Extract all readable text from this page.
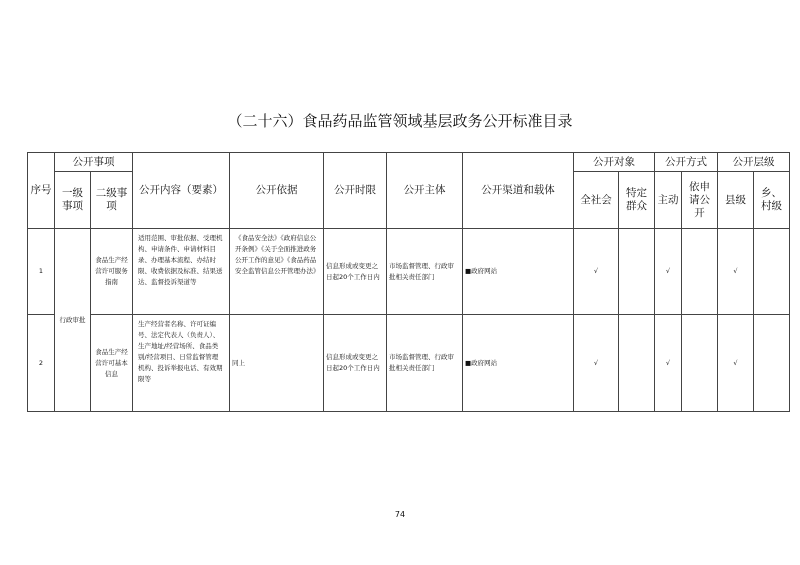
（二十六）食品药品监管领域基层政务公开标准目录
序号	公开事项		公开内容（要素）	公开依据	公开时限	公开主体	公开渠道和载体	公开对象		公开方式		公开层级	
	一级事项	二级事项						全社会	特定群众	主动	依申请公开	县级	乡、村级
1	行政审批	食品生产经营许可服务指南	适用范围、审批依据、受理机构、申请条件、申请材料目录、办理基本流程、办结时限、收费依据及标准、结果送达、监督投诉渠道等	《食品安全法》《政府信息公开条例》《关于全面推进政务公开工作的意见》《食品药品安全监管信息公开管理办法》	信息形成或变更之日起20个工作日内	市场监督管理、行政审批相关责任部门	■政府网站	√		√		√	
2		食品生产经营许可基本信息	生产经营者名称、许可证编号、法定代表人（负责人）、生产地址/经营场所、食品类别/经营项目、日常监督管理机构、投诉举报电话、有效期限等	同上	信息形成或变更之日起20个工作日内	市场监督管理、行政审批相关责任部门	■政府网站	√		√		√	
74
